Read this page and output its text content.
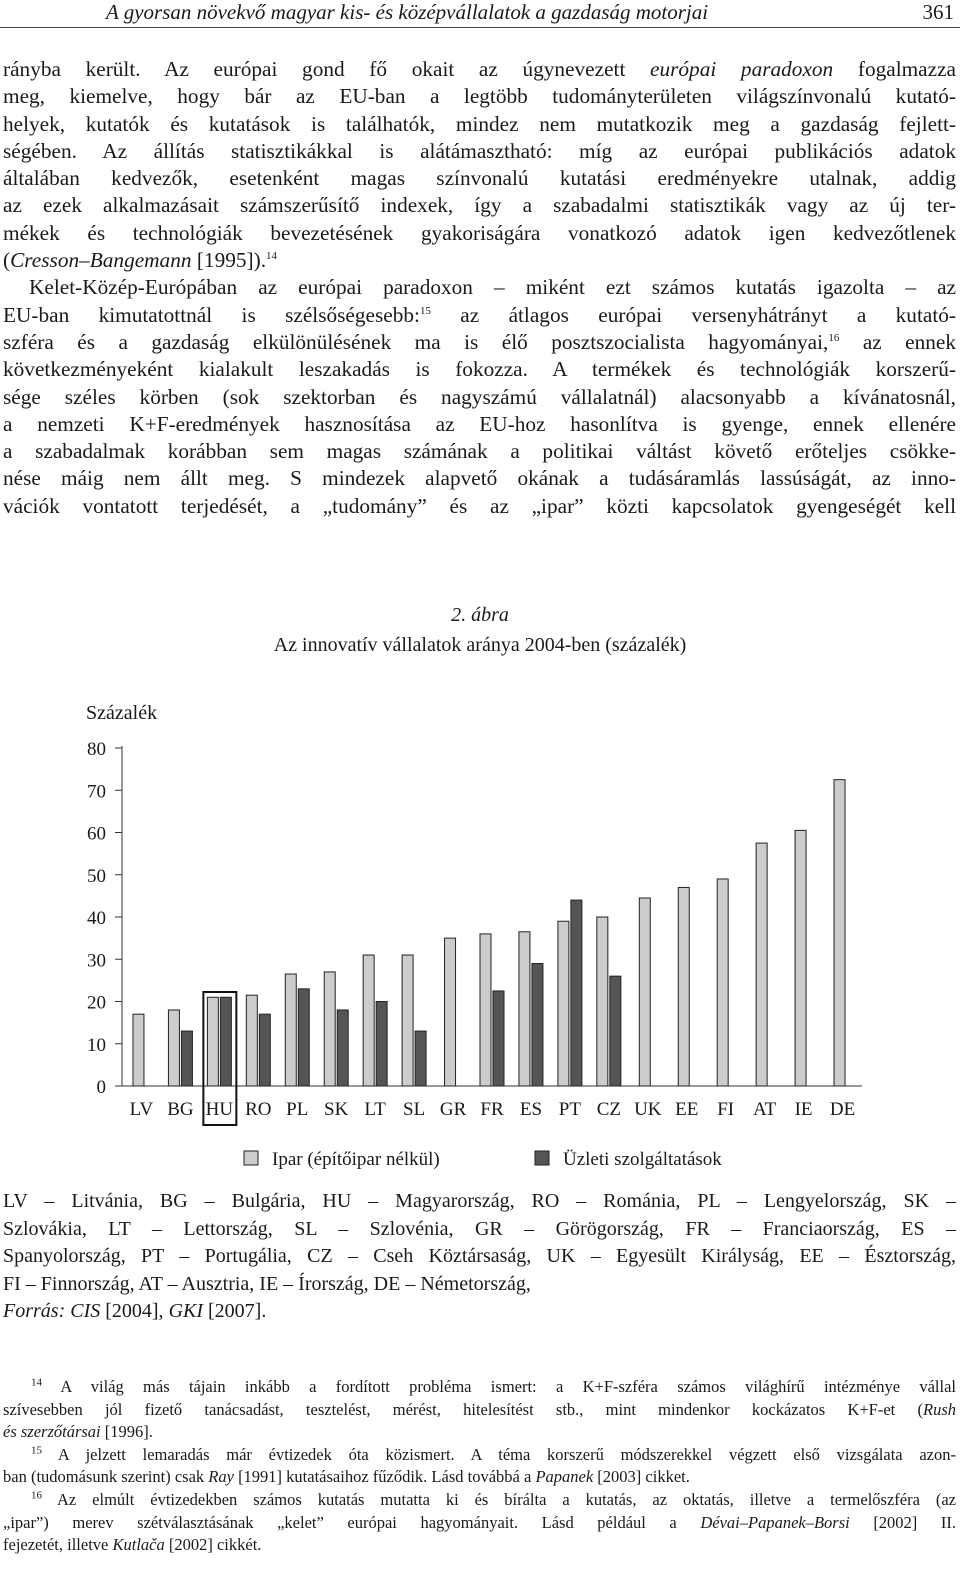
A gyorsan növekvő magyar kis- és középvállalatok a gazdaság motorjai	361
rányba került. Az európai gond fő okait az úgynevezett európai paradoxon fogalmazza
meg, kiemelve, hogy bár az EU-ban a legtöbb tudományterületen világszínvonalú kutató-
helyek, kutatók és kutatások is találhatók, mindez nem mutatkozik meg a gazdaság fejlett-
ségében. Az állítás statisztikákkal is alátámasztható: míg az európai publikációs adatok
általában kedvezők, esetenként magas színvonalú kutatási eredményekre utalnak, addig
az ezek alkalmazásait számszerűsítő indexek, így a szabadalmi statisztikák vagy az új ter-
mékek és technológiák bevezetésének gyakoriságára vonatkozó adatok igen kedvezőtlenek
(Cresson–Bangemann [1995]).$^{14}$
Kelet-Közép-Európában az európai paradoxon – miként ezt számos kutatás igazolta – az
EU-ban kimutatottnál is szélsőségesebb:$^{15}$ az átlagos európai versenyhátrányt a kutató-
szféra és a gazdaság elkülönülésének ma is élő posztszocialista hagyományai,$^{16}$ az ennek
következményeként kialakult leszakadás is fokozza. A termékek és technológiák korszerű-
sége széles körben (sok szektorban és nagyszámú vállalatnál) alacsonyabb a kívánatosnál,
a nemzeti K+F-eredmények hasznosítása az EU-hoz hasonlítva is gyenge, ennek ellenére
a szabadalmak korábban sem magas számának a politikai váltást követő erőteljes csökke-
nése máig nem állt meg. S mindezek alapvető okának a tudásáramlás lassúságát, az inno-
vációk vontatott terjedését, a „tudomány” és az „ipar” közti kapcsolatok gyengeségét kell
2. ábra
Az innovatív vállalatok aránya 2004-ben (százalék)
Százalék
0
10
20
30
40
50
60
70
80
LV BG HU RO PL SK LT SL GR FR ES PT CZ UK EE FI AT IE DE
Ipar (építőipar nélkül)	Üzleti szolgáltatások
LV – Litvánia, BG – Bulgária, HU – Magyarország, RO – Románia, PL – Lengyelország, SK –
Szlovákia, LT – Lettország, SL – Szlovénia, GR – Görögország, FR – Franciaország, ES –
Spanyolország, PT – Portugália, CZ – Cseh Köztársaság, UK – Egyesült Királyság, EE – Észtország,
FI – Finnország, AT – Ausztria, IE – Írország, DE – Németország,
Forrás: CIS [2004], GKI [2007].
$^{14}$ A világ más tájain inkább a fordított probléma ismert: a K+F-szféra számos világhírű intézménye vállal
szívesebben jól fizető tanácsadást, tesztelést, mérést, hitelesítést stb., mint mindenkor kockázatos K+F-et (Rush
és szerzőtársai [1996].
$^{15}$ A jelzett lemaradás már évtizedek óta közismert. A téma korszerű módszerekkel végzett első vizsgálata azon-
ban (tudomásunk szerint) csak Ray [1991] kutatásaihoz fűződik. Lásd továbbá a Papanek [2003] cikket.
$^{16}$ Az elmúlt évtizedekben számos kutatás mutatta ki és bírálta a kutatás, az oktatás, illetve a termelőszféra (az
„ipar”) merev szétválasztásának „kelet” európai hagyományait. Lásd például a Dévai–Papanek–Borsi [2002] II.
fejezetét, illetve Kutlača [2002] cikkét.
